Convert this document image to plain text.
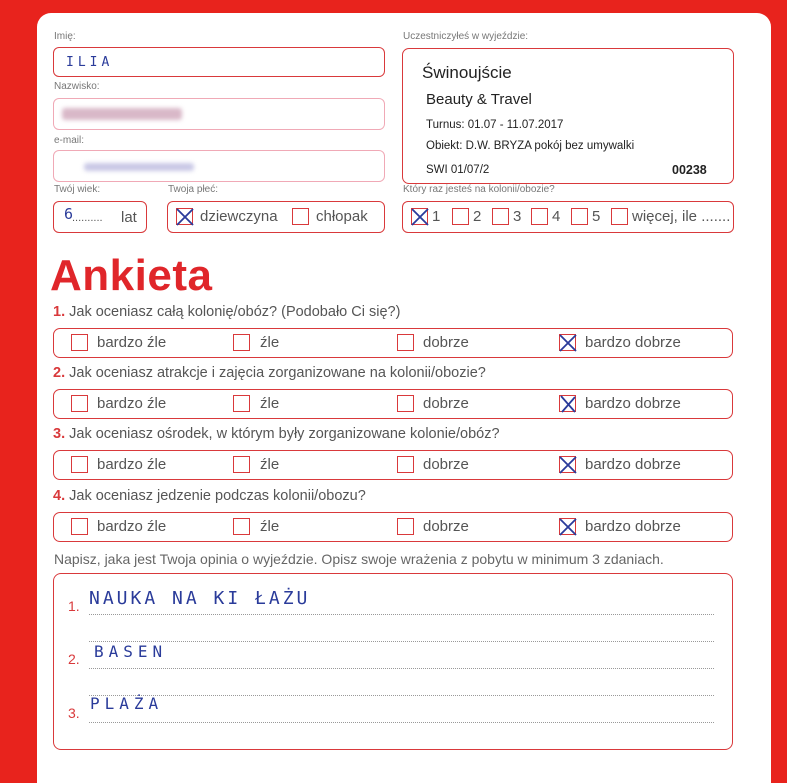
Imię:
ILIA
Nazwisko:
e-mail:
Twój wiek:
6
.......... lat
Twoja płeć:
dziewczyna	chłopak
Uczestniczyłeś w wyjeździe:
Świnoujście
Beauty & Travel
Turnus: 01.07 - 11.07.2017
Obiekt: D.W. BRYZA pokój bez umywalki
SWI 01/07/2	00238
Który raz jesteś na kolonii/obozie?
1 2 3 4 5 więcej, ile .......
Ankieta
1. Jak oceniasz całą kolonię/obóz? (Podobało Ci się?)
bardzo źle	źle	dobrze	bardzo dobrze
2. Jak oceniasz atrakcje i zajęcia zorganizowane na kolonii/obozie?
bardzo źle	źle	dobrze	bardzo dobrze
3. Jak oceniasz ośrodek, w którym były zorganizowane kolonie/obóz?
bardzo źle	źle	dobrze	bardzo dobrze
4. Jak oceniasz jedzenie podczas kolonii/obozu?
bardzo źle	źle	dobrze	bardzo dobrze
Napisz, jaka jest Twoja opinia o wyjeździe. Opisz swoje wrażenia z pobytu w minimum 3 zdaniach.
1. NAUKA NA KI ŁAŻU
2. BASEN
3. PLAŻA
